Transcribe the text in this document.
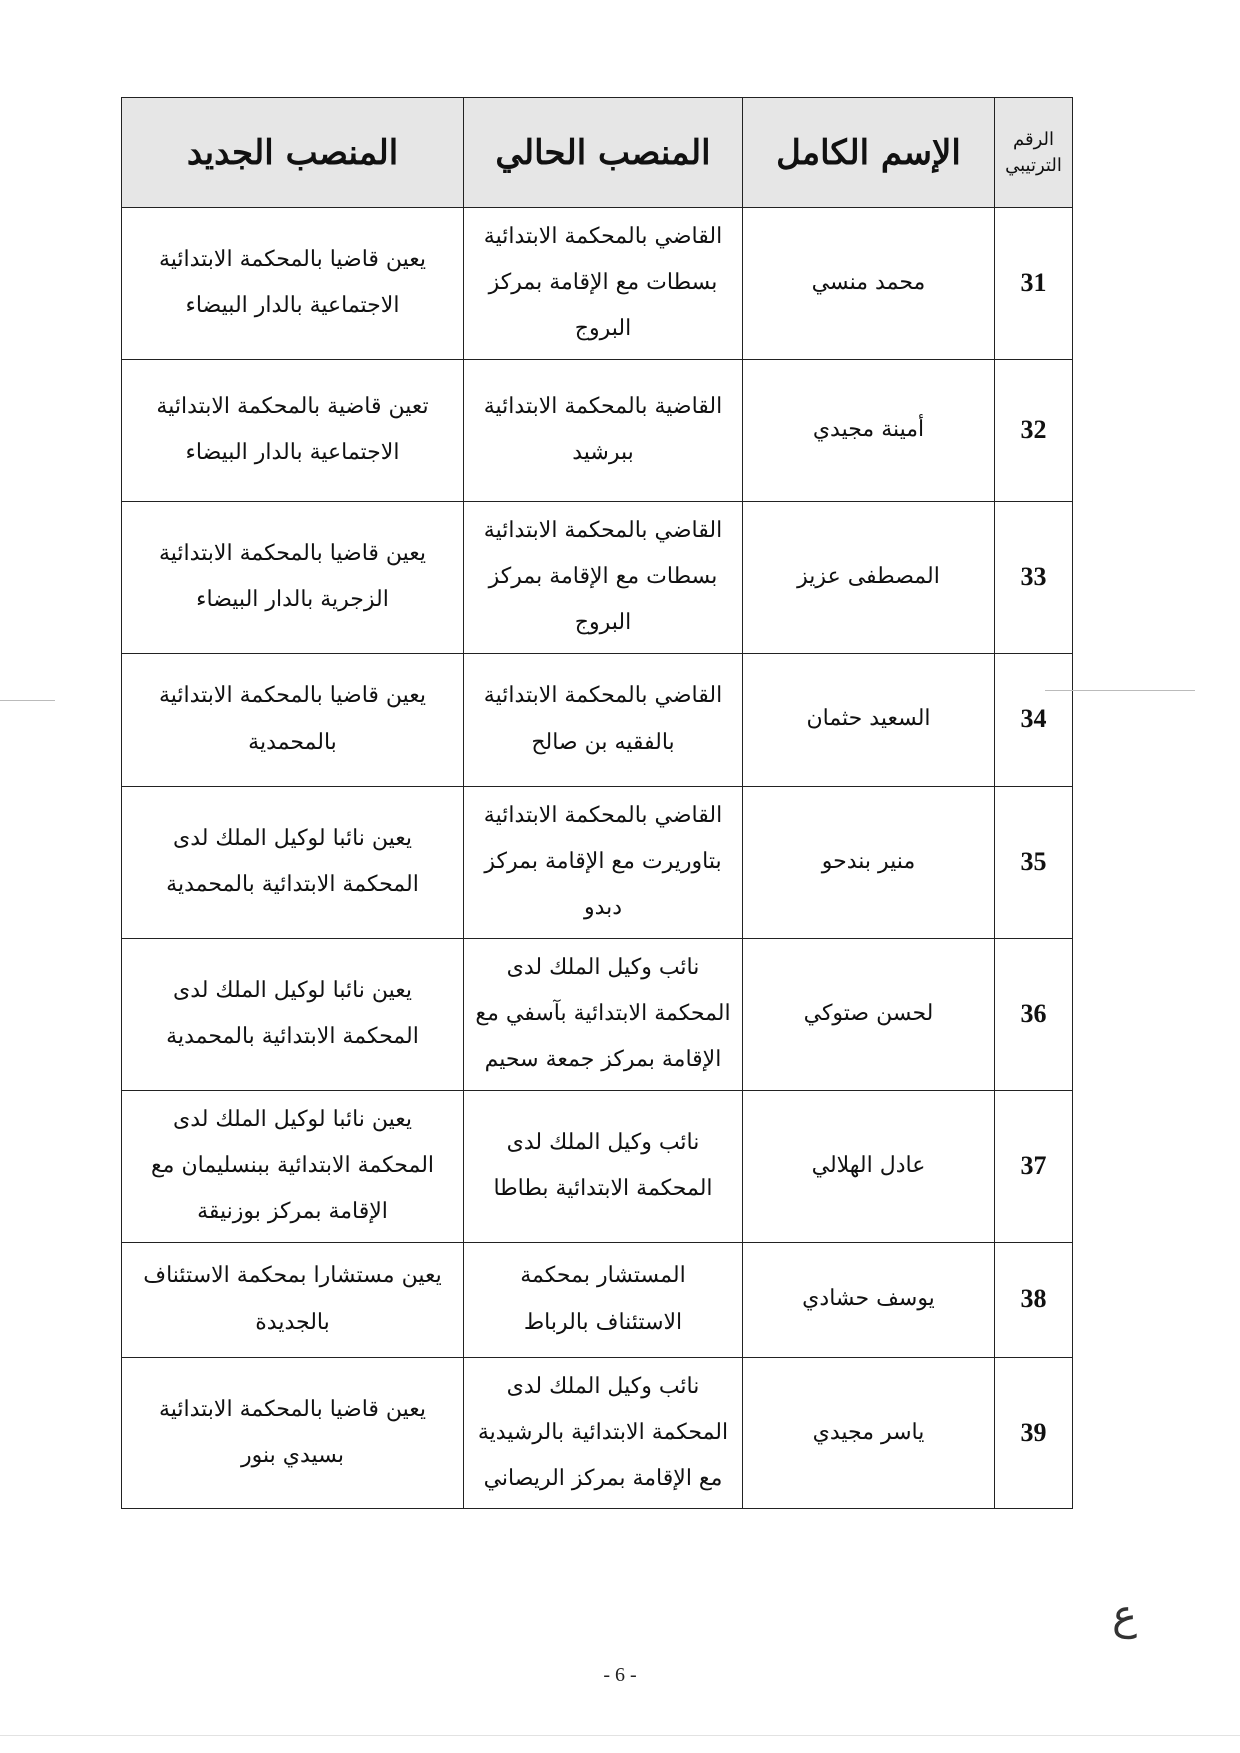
الرقم الترتيبي	الإسم الكامل	المنصب الحالي	المنصب الجديد
31	محمد منسي	القاضي بالمحكمة الابتدائية بسطات مع الإقامة بمركز البروج	يعين قاضيا بالمحكمة الابتدائية الاجتماعية بالدار البيضاء
32	أمينة مجيدي	القاضية بالمحكمة الابتدائية ببرشيد	تعين قاضية بالمحكمة الابتدائية الاجتماعية بالدار البيضاء
33	المصطفى عزيز	القاضي بالمحكمة الابتدائية بسطات مع الإقامة بمركز البروج	يعين قاضيا بالمحكمة الابتدائية الزجرية بالدار البيضاء
34	السعيد حثمان	القاضي بالمحكمة الابتدائية بالفقيه بن صالح	يعين قاضيا بالمحكمة الابتدائية بالمحمدية
35	منير بندحو	القاضي بالمحكمة الابتدائية بتاوريرت مع الإقامة بمركز دبدو	يعين نائبا لوكيل الملك لدى المحكمة الابتدائية بالمحمدية
36	لحسن صتوكي	نائب وكيل الملك لدى المحكمة الابتدائية بآسفي مع الإقامة بمركز جمعة سحيم	يعين نائبا لوكيل الملك لدى المحكمة الابتدائية بالمحمدية
37	عادل الهلالي	نائب وكيل الملك لدى المحكمة الابتدائية بطاطا	يعين نائبا لوكيل الملك لدى المحكمة الابتدائية ببنسليمان مع الإقامة بمركز بوزنيقة
38	يوسف حشادي	المستشار بمحكمة الاستئناف بالرباط	يعين مستشارا بمحكمة الاستئناف بالجديدة
39	ياسر مجيدي	نائب وكيل الملك لدى المحكمة الابتدائية بالرشيدية مع الإقامة بمركز الريصاني	يعين قاضيا بالمحكمة الابتدائية بسيدي بنور
ع
- 6 -
